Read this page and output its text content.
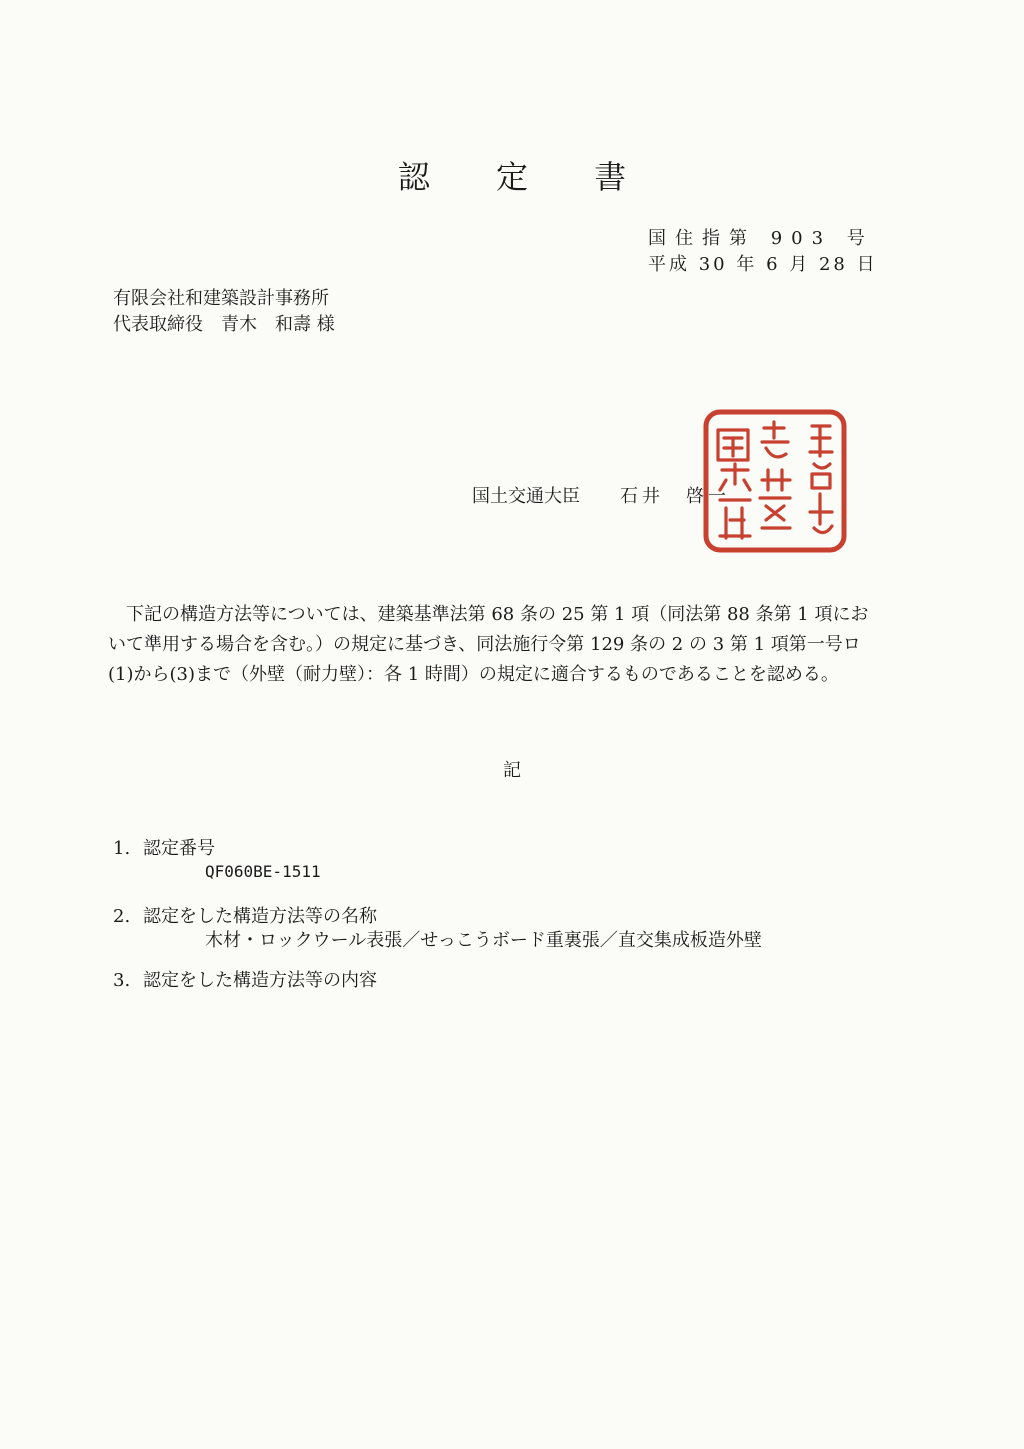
認 定 書
国住指第 903 号
平成 30 年 6 月 28 日
有限会社和建築設計事務所
代表取締役　青木　和壽 様
国土交通大臣 石井　啓一

下記の構造方法等については、建築基準法第 68 条の 25 第 1 項（同法第 88 条第 1 項にお

いて準用する場合を含む。）の規定に基づき、同法施行令第 129 条の 2 の 3 第 1 項第一号ロ

(1)から(3)まで（外壁（耐力壁）：各 1 時間）の規定に適合するものであることを認める。

記
1. 認定番号
QF060BE-1511
2. 認定をした構造方法等の名称
木材・ロックウール表張／せっこうボード重裏張／直交集成板造外壁
3. 認定をした構造方法等の内容
